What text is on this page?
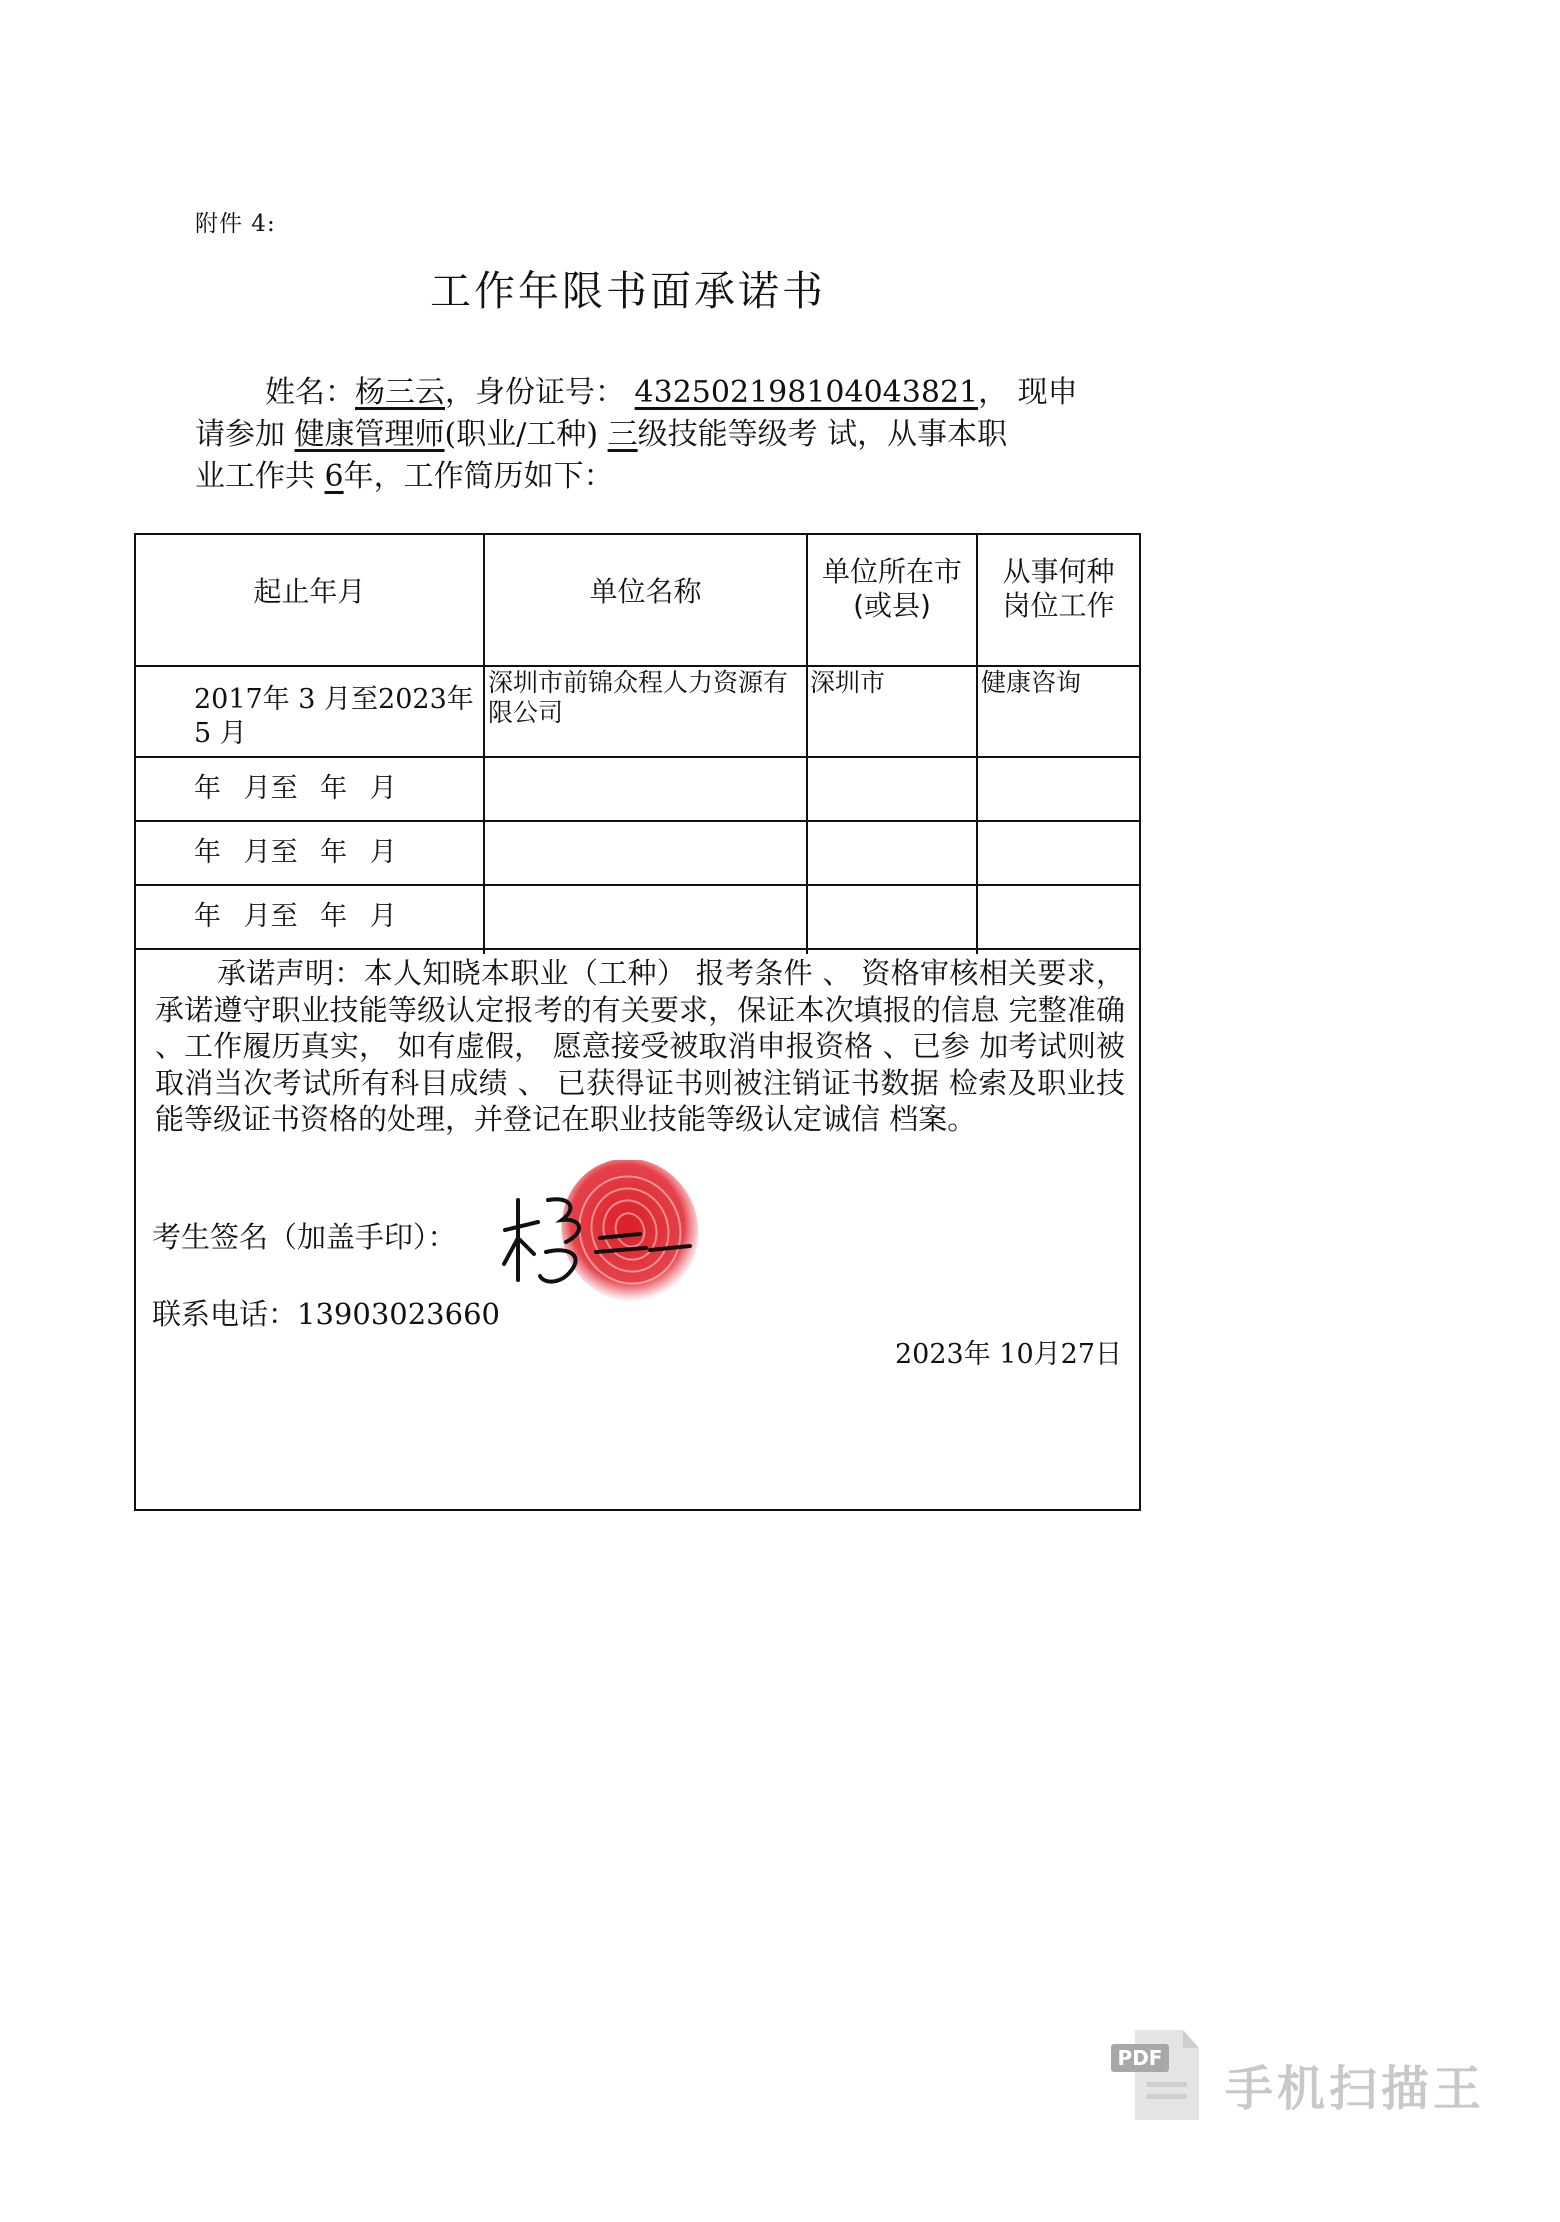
附件 4:
工作年限书面承诺书
姓名：杨三云，身份证号： 432502198104043821， 现申
请参加 健康管理师(职业/工种) 三级技能等级考 试，从事本职
业工作共 6年，工作简历如下：
起止年月	单位名称
单位所在市
(或县)
从事何种
岗位工作
2017年 3 月至2023年
5 月
深圳市前锦众程人力资源有限公司
深圳市	健康咨询
年 月至 年 月
年 月至 年 月
年 月至 年 月
承诺声明：本人知晓本职业（工种） 报考条件 、 资格审核相关要求， 承诺遵守职业技能等级认定报考的有关要求，保证本次填报的信息 完整准确 、工作履历真实， 如有虚假， 愿意接受被取消申报资格 、已参 加考试则被取消当次考试所有科目成绩 、 已获得证书则被注销证书数据 检索及职业技能等级证书资格的处理，并登记在职业技能等级认定诚信 档案。
考生签名（加盖手印）：
联系电话：13903023660
2023年 10月27日
PDF
手机扫描王
